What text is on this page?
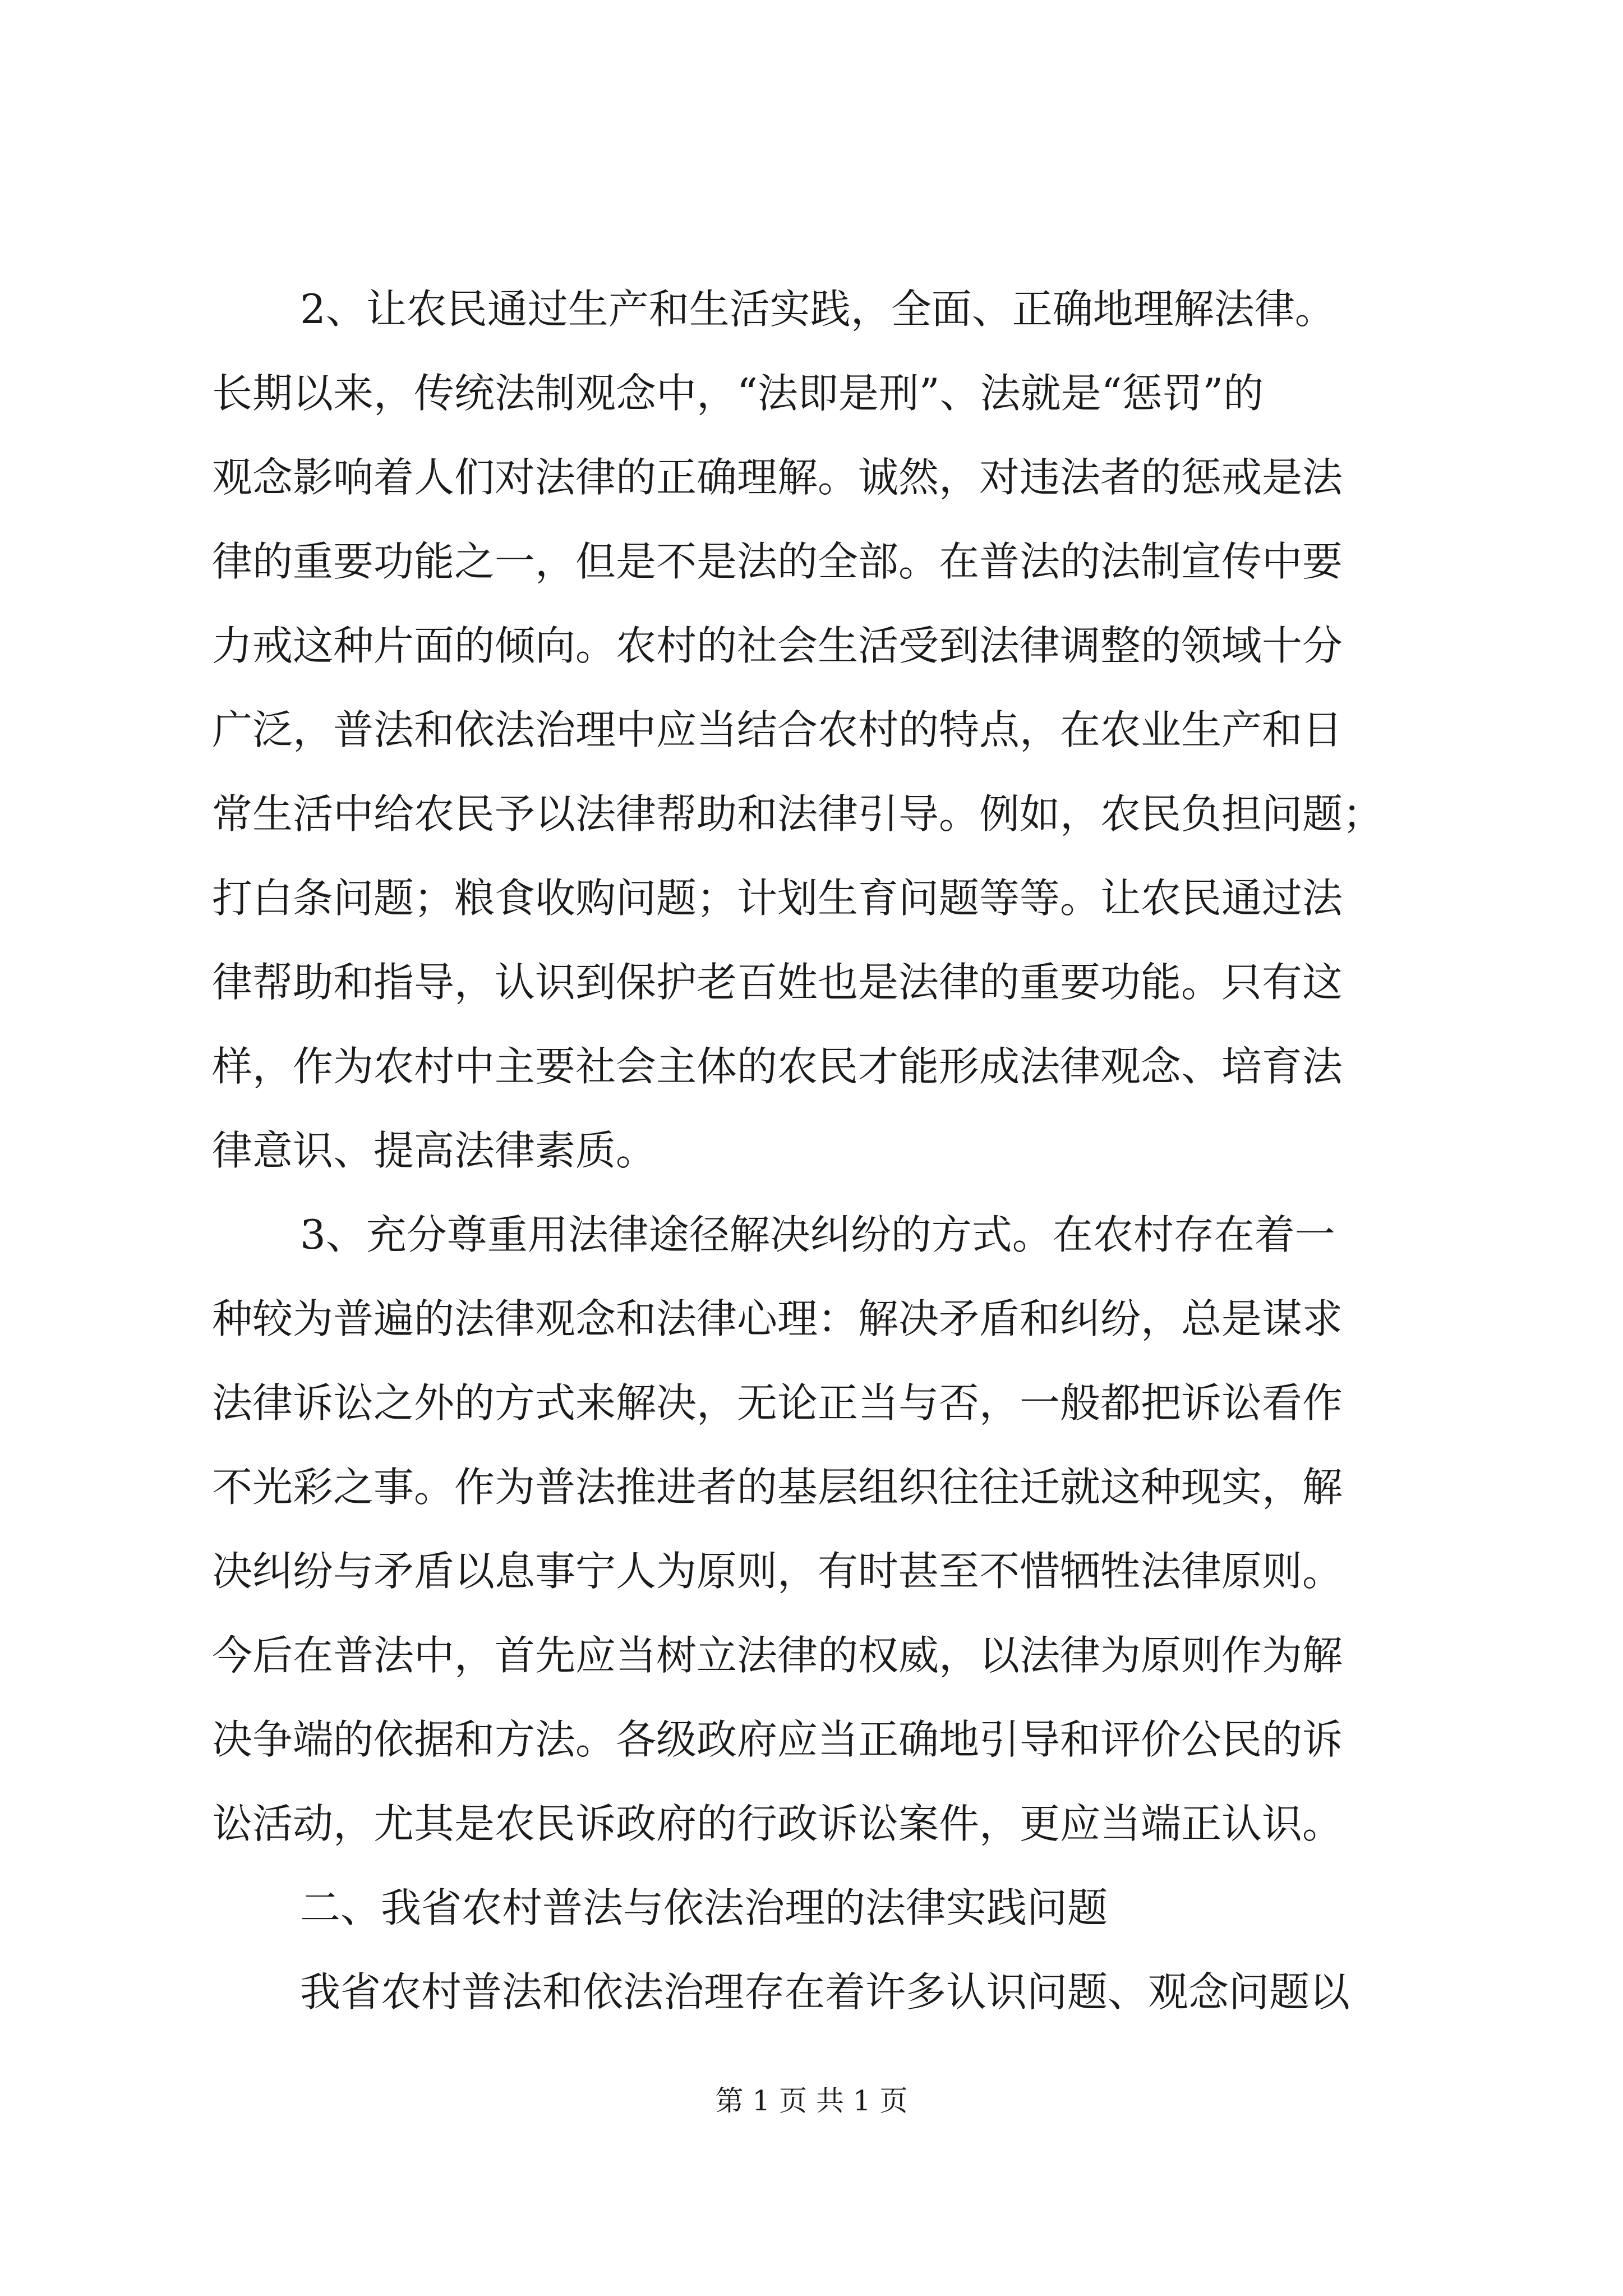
2、让农民通过生产和生活实践，全面、正确地理解法律。
长期以来，传统法制观念中，“法即是刑”、法就是“惩罚”的
观念影响着人们对法律的正确理解。诚然，对违法者的惩戒是法
律的重要功能之一，但是不是法的全部。在普法的法制宣传中要
力戒这种片面的倾向。农村的社会生活受到法律调整的领域十分
广泛，普法和依法治理中应当结合农村的特点，在农业生产和日
常生活中给农民予以法律帮助和法律引导。例如，农民负担问题；
打白条问题；粮食收购问题；计划生育问题等等。让农民通过法
律帮助和指导，认识到保护老百姓也是法律的重要功能。只有这
样，作为农村中主要社会主体的农民才能形成法律观念、培育法
律意识、提高法律素质。
3、充分尊重用法律途径解决纠纷的方式。在农村存在着一
种较为普遍的法律观念和法律心理：解决矛盾和纠纷，总是谋求
法律诉讼之外的方式来解决，无论正当与否，一般都把诉讼看作
不光彩之事。作为普法推进者的基层组织往往迁就这种现实，解
决纠纷与矛盾以息事宁人为原则，有时甚至不惜牺牲法律原则。
今后在普法中，首先应当树立法律的权威，以法律为原则作为解
决争端的依据和方法。各级政府应当正确地引导和评价公民的诉
讼活动，尤其是农民诉政府的行政诉讼案件，更应当端正认识。
二、我省农村普法与依法治理的法律实践问题
我省农村普法和依法治理存在着许多认识问题、观念问题以
第 1 页 共 1 页
